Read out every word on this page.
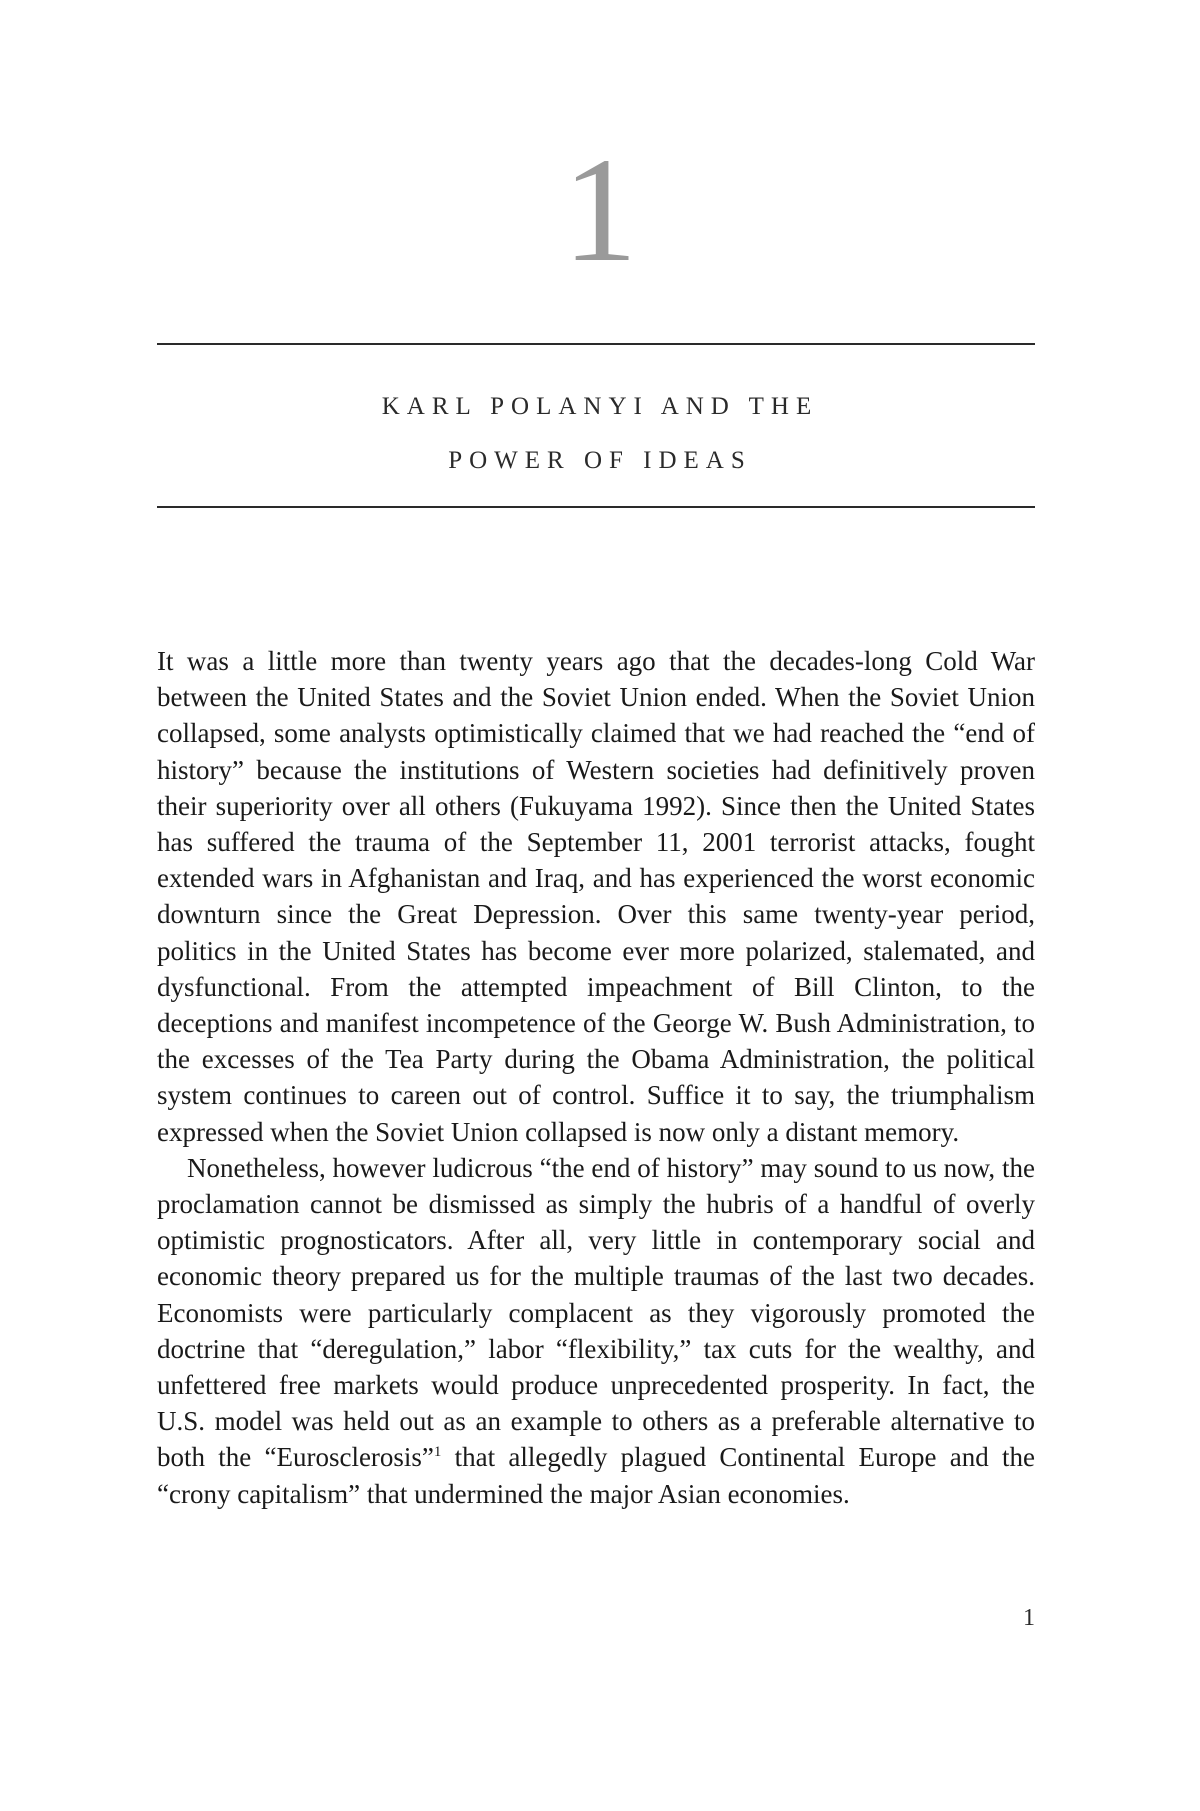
1
KARL POLANYI AND THE
POWER OF IDEAS

It was a little more than twenty years ago that the decades-long Cold War between the United States and the Soviet Union ended. When the Soviet Union collapsed, some analysts optimistically claimed that we had reached the “end of history” because the institutions of Western societies had definitively proven their superiority over all others (Fukuyama 1992). Since then the United States has suffered the trauma of the September 11, 2001 terrorist attacks, fought extended wars in Afghanistan and Iraq, and has experienced the worst economic downturn since the Great Depression. Over this same twenty-year period, politics in the United States has become ever more polarized, stalemated, and dysfunctional. From the attempted impeachment of Bill Clinton, to the deceptions and manifest incompetence of the George W. Bush Administration, to the excesses of the Tea Party during the Obama Administration, the political system continues to careen out of control. Suffice it to say, the triumphalism expressed when the Soviet Union collapsed is now only a distant memory.

Nonetheless, however ludicrous “the end of history” may sound to us now, the proclamation cannot be dismissed as simply the hubris of a handful of overly optimistic prognosticators. After all, very little in contemporary social and economic theory prepared us for the multiple traumas of the last two decades. Economists were particularly complacent as they vigorously promoted the doctrine that “deregulation,” labor “flexibility,” tax cuts for the wealthy, and unfettered free markets would produce unprecedented prosperity. In fact, the U.S. model was held out as an example to others as a preferable alternative to both the “Eurosclerosis”$^1$ that allegedly plagued Continental Europe and the “crony capitalism” that undermined the major Asian economies.

1
